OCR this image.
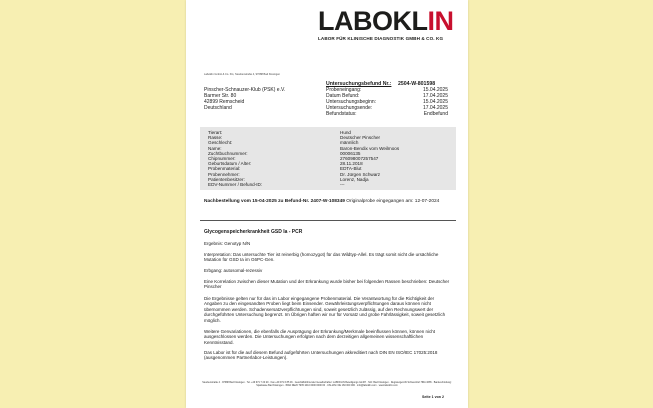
LABOKLIN
LABOR FÜR KLINISCHE DIAGNOSTIK GMBH & CO. KG
Laboklin GmbH & Co. KG, Steubenstraße 4, 97688 Bad Kissingen
Pinscher-Schnauzer-Klub (PSK) e.V.
Barmer Str. 80
42899 Remscheid
Deutschland
Untersuchungsbefund Nr.: 2504-W-801598
Probeneingang:	15.04.2025
Datum Befund:	17.04.2025
Untersuchungsbeginn:	15.04.2025
Untersuchungsende:	17.04.2025
Befundstatus:	Endbefund
Tierart:	Hund
Rasse:	Deutscher Pinscher
Geschlecht:	männlich
Name:	Baron-Bendix vom Weilmoos
Zuchtbuchnummer:	00006135
Chipnummer:	276098007257547
Geburtsdatum / Alter:	28.11.2018
Probenmaterial:	EDTA-Blut
Probennehmer:	Dr. Jürgen Schwarz
Patientenbesitzer:	Lorenz, Nadja
EDV-Nummer / Befund-ID:	---
Nachbestellung vom 15-04-2025 zu Befund-Nr. 2407-W-108349 Originalprobe eingegangen am: 12-07-2024
Glycogenspeicherkrankheit GSD Ia - PCR
Ergebnis: Genotyp N/N
Interpretation: Das untersuchte Tier ist reinerbig (homozygot) für das Wildtyp-Allel. Es trägt somit nicht die ursächliche Mutation für GSD Ia im G6PC-Gen.
Erbgang: autosomal-rezessiv
Eine Korrelation zwischen dieser Mutation und der Erkrankung wurde bisher bei folgenden Rassen beschrieben: Deutscher Pinscher
Die Ergebnisse gelten nur für das im Labor eingegangene Probenmaterial. Die Verantwortung für die Richtigkeit der Angaben zu den eingesandten Proben liegt beim Einsender. Gewährleistungsverpflichtungen daraus können nicht übernommen werden. Schadensersatzverpflichtungen sind, soweit gesetzlich zulässig, auf den Rechnungswert der durchgeführten Untersuchung begrenzt. Im Übrigen haften wir nur für Vorsatz und grobe Fahrlässigkeit, soweit gesetzlich möglich.
Weitere Genvariationen, die ebenfalls die Ausprägung der Erkrankung/Merkmale beeinflussen können, können nicht ausgeschlossen werden. Die Untersuchungen erfolgten nach dem derzeitigen allgemeinen wissenschaftlichen Kenntnisstand.
Das Labor ist für die auf diesem Befund aufgeführten Untersuchungen akkreditiert nach DIN EN ISO/IEC 17025:2018 (ausgenommen Partnerlabor-Leistungen).
Steubenstraße 4 · 97688 Bad Kissingen · Tel. +49 971 7 20 20 · Fax +49 971 6 85 46 · Geschäftsführender Gesellschafter: LABOKLIN Beteiligungs GmbH · Sitz: Bad Kissingen · Registergericht Schweinfurt HRA 4665 · Bankverbindung: Sparkasse Bad Kissingen · IBAN DE20 7935 1010 0000 0000 00 · USt-IdNr. DE 160 000 000 · info@laboklin.com · www.laboklin.com
Seite 1 von 2
